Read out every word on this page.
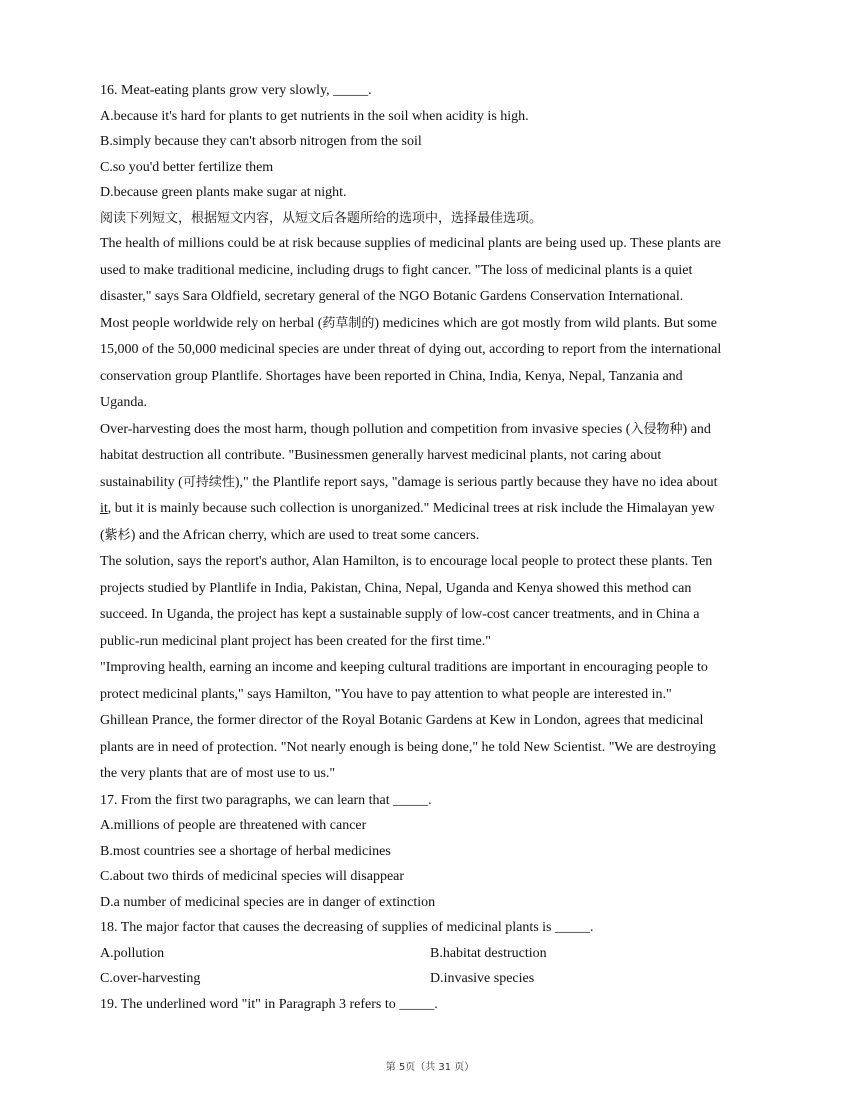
16. Meat-eating plants grow very slowly, _____.
A.because it's hard for plants to get nutrients in the soil when acidity is high.
B.simply because they can't absorb nitrogen from the soil
C.so you'd better fertilize them
D.because green plants make sugar at night.
阅读下列短文，根据短文内容，从短文后各题所给的选项中，选择最佳选项。
The health of millions could be at risk because supplies of medicinal plants are being used up. These plants are
used to make traditional medicine, including drugs to fight cancer. "The loss of medicinal plants is a quiet
disaster," says Sara Oldfield, secretary general of the NGO Botanic Gardens Conservation International.
Most people worldwide rely on herbal (药草制的) medicines which are got mostly from wild plants. But some
15,000 of the 50,000 medicinal species are under threat of dying out, according to report from the international
conservation group Plantlife. Shortages have been reported in China, India, Kenya, Nepal, Tanzania and
Uganda.
Over-harvesting does the most harm, though pollution and competition from invasive species (入侵物种) and
habitat destruction all contribute. "Businessmen generally harvest medicinal plants, not caring about
sustainability (可持续性)," the Plantlife report says, "damage is serious partly because they have no idea about
it, but it is mainly because such collection is unorganized." Medicinal trees at risk include the Himalayan yew
(紫杉) and the African cherry, which are used to treat some cancers.
The solution, says the report's author, Alan Hamilton, is to encourage local people to protect these plants. Ten
projects studied by Plantlife in India, Pakistan, China, Nepal, Uganda and Kenya showed this method can
succeed. In Uganda, the project has kept a sustainable supply of low-cost cancer treatments, and in China a
public-run medicinal plant project has been created for the first time."
"Improving health, earning an income and keeping cultural traditions are important in encouraging people to
protect medicinal plants," says Hamilton, "You have to pay attention to what people are interested in."
Ghillean Prance, the former director of the Royal Botanic Gardens at Kew in London, agrees that medicinal
plants are in need of protection. "Not nearly enough is being done," he told New Scientist. "We are destroying
the very plants that are of most use to us."
17. From the first two paragraphs, we can learn that _____.
A.millions of people are threatened with cancer
B.most countries see a shortage of herbal medicines
C.about two thirds of medicinal species will disappear
D.a number of medicinal species are in danger of extinction
18. The major factor that causes the decreasing of supplies of medicinal plants is _____.
A.pollution	B.habitat destruction
C.over-harvesting	D.invasive species
19. The underlined word "it" in Paragraph 3 refers to _____.
第 5页（共 31 页）
